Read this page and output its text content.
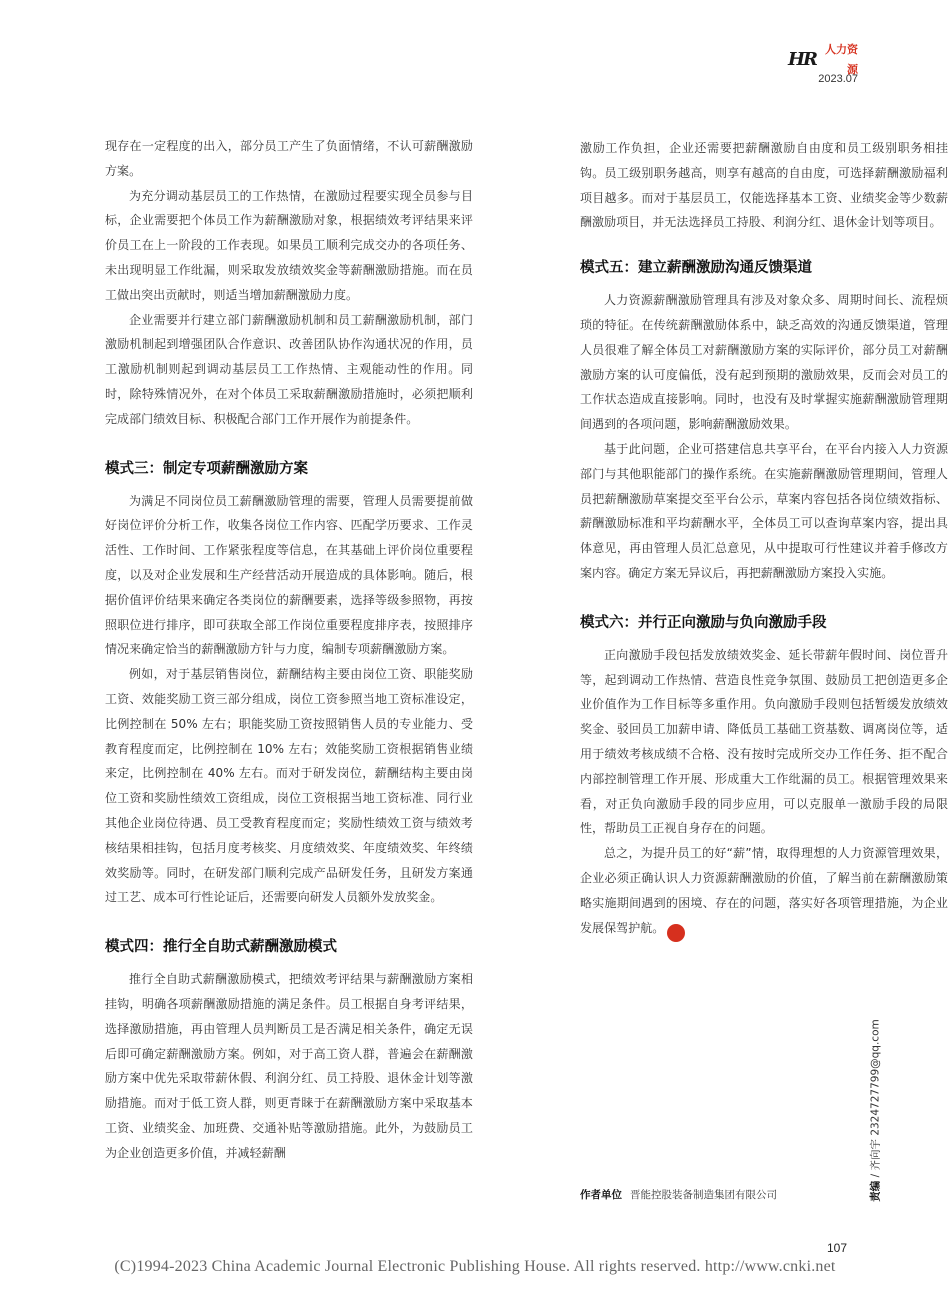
HR 人力资源
2023.07

现存在一定程度的出入，部分员工产生了负面情绪，不认可薪酬激励方案。

为充分调动基层员工的工作热情，在激励过程要实现全员参与目标，企业需要把个体员工作为薪酬激励对象，根据绩效考评结果来评价员工在上一阶段的工作表现。如果员工顺利完成交办的各项任务、未出现明显工作纰漏，则采取发放绩效奖金等薪酬激励措施。而在员工做出突出贡献时，则适当增加薪酬激励力度。

企业需要并行建立部门薪酬激励机制和员工薪酬激励机制，部门激励机制起到增强团队合作意识、改善团队协作沟通状况的作用，员工激励机制则起到调动基层员工工作热情、主观能动性的作用。同时，除特殊情况外，在对个体员工采取薪酬激励措施时，必须把顺利完成部门绩效目标、积极配合部门工作开展作为前提条件。

模式三：制定专项薪酬激励方案

为满足不同岗位员工薪酬激励管理的需要，管理人员需要提前做好岗位评价分析工作，收集各岗位工作内容、匹配学历要求、工作灵活性、工作时间、工作紧张程度等信息，在其基础上评价岗位重要程度，以及对企业发展和生产经营活动开展造成的具体影响。随后，根据价值评价结果来确定各类岗位的薪酬要素，选择等级参照物，再按照职位进行排序，即可获取全部工作岗位重要程度排序表，按照排序情况来确定恰当的薪酬激励方针与力度，编制专项薪酬激励方案。

例如，对于基层销售岗位，薪酬结构主要由岗位工资、职能奖励工资、效能奖励工资三部分组成，岗位工资参照当地工资标准设定，比例控制在 50% 左右；职能奖励工资按照销售人员的专业能力、受教育程度而定，比例控制在 10% 左右；效能奖励工资根据销售业绩来定，比例控制在 40% 左右。而对于研发岗位，薪酬结构主要由岗位工资和奖励性绩效工资组成，岗位工资根据当地工资标准、同行业其他企业岗位待遇、员工受教育程度而定；奖励性绩效工资与绩效考核结果相挂钩，包括月度考核奖、月度绩效奖、年度绩效奖、年终绩效奖励等。同时，在研发部门顺利完成产品研发任务，且研发方案通过工艺、成本可行性论证后，还需要向研发人员额外发放奖金。

模式四：推行全自助式薪酬激励模式

推行全自助式薪酬激励模式，把绩效考评结果与薪酬激励方案相挂钩，明确各项薪酬激励措施的满足条件。员工根据自身考评结果，选择激励措施，再由管理人员判断员工是否满足相关条件，确定无误后即可确定薪酬激励方案。例如，对于高工资人群，普遍会在薪酬激励方案中优先采取带薪休假、利润分红、员工持股、退休金计划等激励措施。而对于低工资人群，则更青睐于在薪酬激励方案中采取基本工资、业绩奖金、加班费、交通补贴等激励措施。此外，为鼓励员工为企业创造更多价值，并减轻薪酬

激励工作负担，企业还需要把薪酬激励自由度和员工级别职务相挂钩。员工级别职务越高，则享有越高的自由度，可选择薪酬激励福利项目越多。而对于基层员工，仅能选择基本工资、业绩奖金等少数薪酬激励项目，并无法选择员工持股、利润分红、退休金计划等项目。

模式五：建立薪酬激励沟通反馈渠道

人力资源薪酬激励管理具有涉及对象众多、周期时间长、流程烦琐的特征。在传统薪酬激励体系中，缺乏高效的沟通反馈渠道，管理人员很难了解全体员工对薪酬激励方案的实际评价，部分员工对薪酬激励方案的认可度偏低，没有起到预期的激励效果，反而会对员工的工作状态造成直接影响。同时，也没有及时掌握实施薪酬激励管理期间遇到的各项问题，影响薪酬激励效果。

基于此问题，企业可搭建信息共享平台，在平台内接入人力资源部门与其他职能部门的操作系统。在实施薪酬激励管理期间，管理人员把薪酬激励草案提交至平台公示，草案内容包括各岗位绩效指标、薪酬激励标准和平均薪酬水平，全体员工可以查询草案内容，提出具体意见，再由管理人员汇总意见，从中提取可行性建议并着手修改方案内容。确定方案无异议后，再把薪酬激励方案投入实施。

模式六：并行正向激励与负向激励手段

正向激励手段包括发放绩效奖金、延长带薪年假时间、岗位晋升等，起到调动工作热情、营造良性竞争氛围、鼓励员工把创造更多企业价值作为工作目标等多重作用。负向激励手段则包括暂缓发放绩效奖金、驳回员工加薪申请、降低员工基础工资基数、调离岗位等，适用于绩效考核成绩不合格、没有按时完成所交办工作任务、拒不配合内部控制管理工作开展、形成重大工作纰漏的员工。根据管理效果来看，对正负向激励手段的同步应用，可以克服单一激励手段的局限性，帮助员工正视自身存在的问题。

总之，为提升员工的好“薪”情，取得理想的人力资源管理效果，企业必须正确认识人力资源薪酬激励的价值，了解当前在薪酬激励策略实施期间遇到的困境、存在的问题，落实好各项管理措施，为企业发展保驾护航。	R

作者单位 晋能控股装备制造集团有限公司	责编 / 齐向宇 2324727799@qq.com
107
(C)1994-2023 China Academic Journal Electronic Publishing House. All rights reserved. http://www.cnki.net
